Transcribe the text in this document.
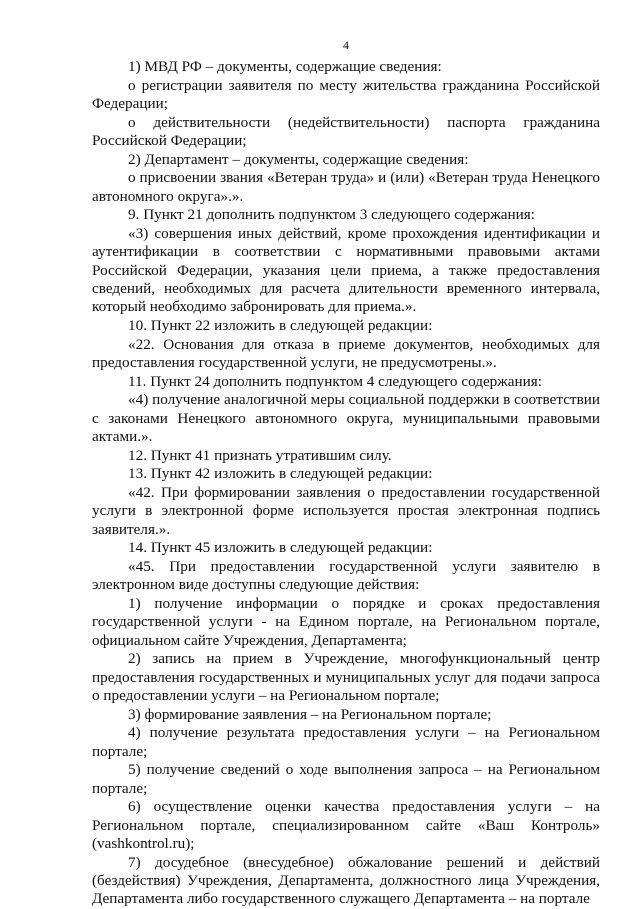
4

1) МВД РФ – документы, содержащие сведения:

о регистрации заявителя по месту жительства гражданина Российской Федерации;

о действительности (недействительности) паспорта гражданина Российской Федерации;

2) Департамент – документы, содержащие сведения:

о присвоении звания «Ветеран труда» и (или) «Ветеран труда Ненецкого автономного округа».».

9. Пункт 21 дополнить подпунктом 3 следующего содержания:

«3) совершения иных действий, кроме прохождения идентификации и аутентификации в соответствии с нормативными правовыми актами Российской Федерации, указания цели приема, а также предоставления сведений, необходимых для расчета длительности временного интервала, который необходимо забронировать для приема.».

10. Пункт 22 изложить в следующей редакции:

«22. Основания для отказа в приеме документов, необходимых для предоставления государственной услуги, не предусмотрены.».

11. Пункт 24 дополнить подпунктом 4 следующего содержания:

«4) получение аналогичной меры социальной поддержки в соответствии с законами Ненецкого автономного округа, муниципальными правовыми актами.».

12. Пункт 41 признать утратившим силу.

13. Пункт 42 изложить в следующей редакции:

«42. При формировании заявления о предоставлении государственной услуги в электронной форме используется простая электронная подпись заявителя.».

14. Пункт 45 изложить в следующей редакции:

«45. При предоставлении государственной услуги заявителю в электронном виде доступны следующие действия:

1) получение информации о порядке и сроках предоставления государственной услуги - на Едином портале, на Региональном портале, официальном сайте Учреждения, Департамента;

2) запись на прием в Учреждение, многофункциональный центр предоставления государственных и муниципальных услуг для подачи запроса о предоставлении услуги – на Региональном портале;

3) формирование заявления – на Региональном портале;

4) получение результата предоставления услуги – на Региональном портале;

5) получение сведений о ходе выполнения запроса – на Региональном портале;

6) осуществление оценки качества предоставления услуги – на Региональном портале, специализированном сайте «Ваш Контроль» (vashkontrol.ru);

7) досудебное (внесудебное) обжалование решений и действий (бездействия) Учреждения, Департамента, должностного лица Учреждения, Департамента либо государственного служащего Департамента – на портале
